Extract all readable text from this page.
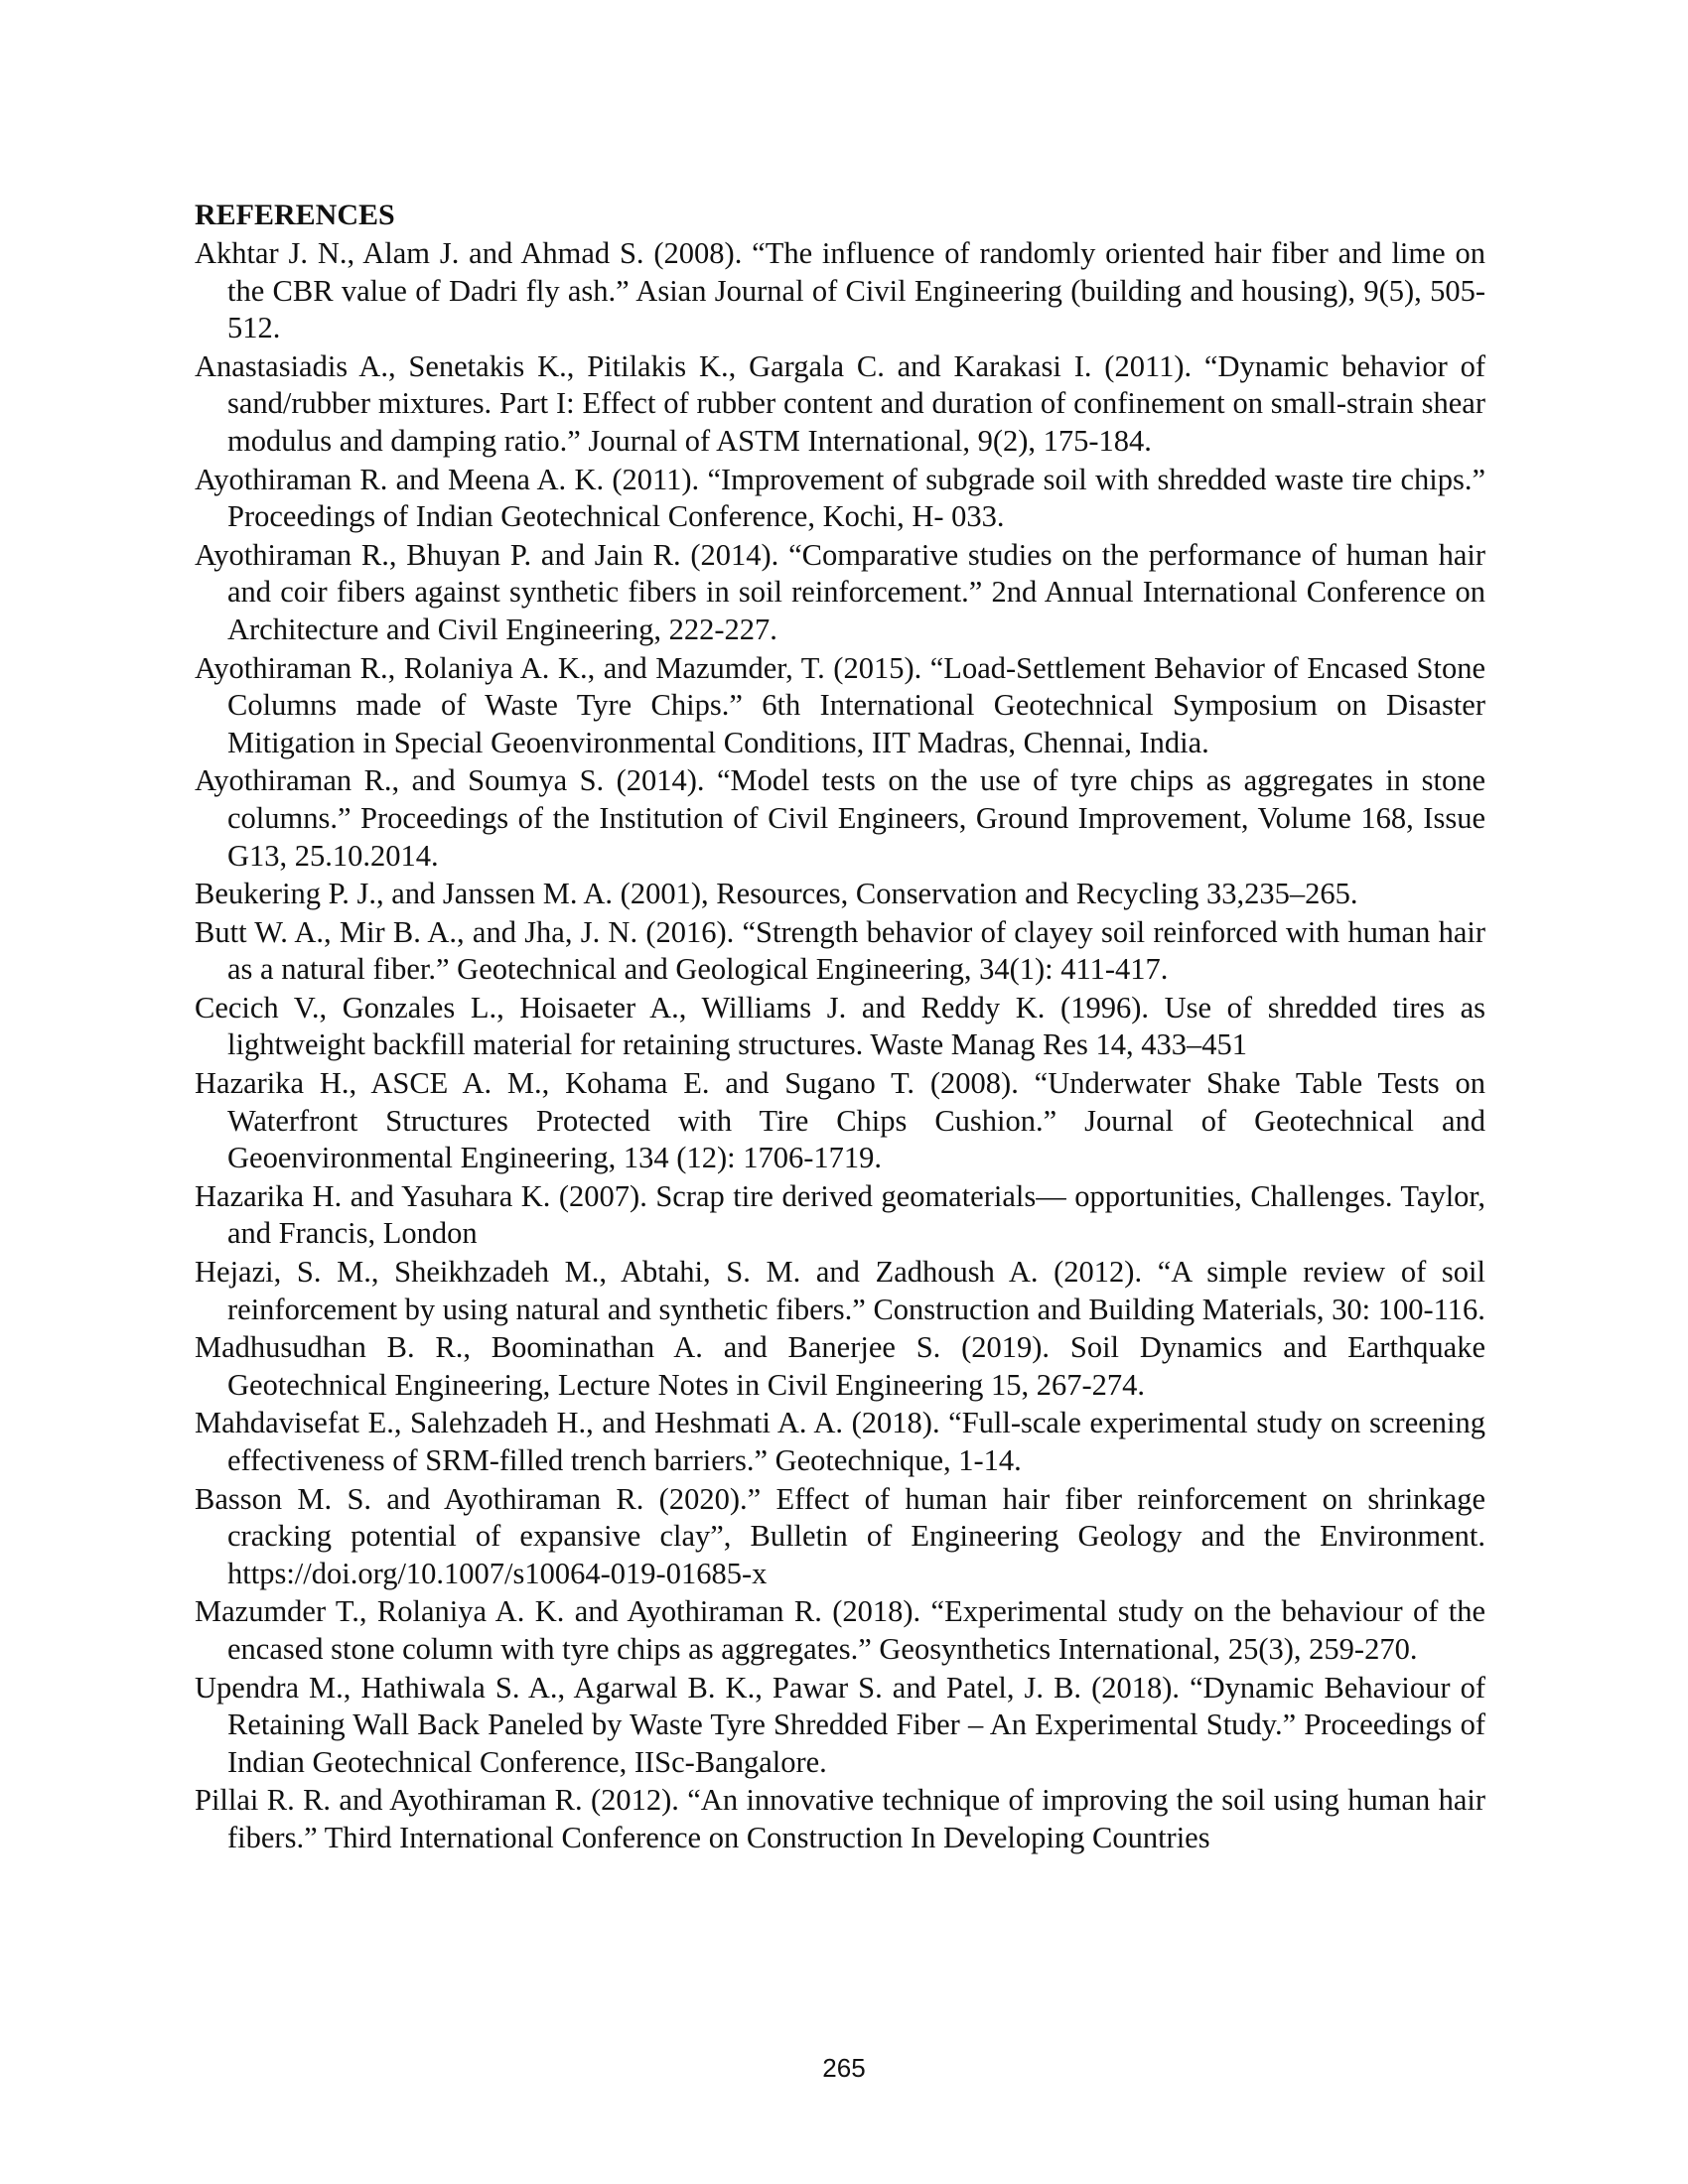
REFERENCES
Akhtar J. N., Alam J. and Ahmad S. (2008). “The influence of randomly oriented hair fiber and lime on the CBR value of Dadri fly ash.” Asian Journal of Civil Engineering (building and housing), 9(5), 505-512.
Anastasiadis A., Senetakis K., Pitilakis K., Gargala C. and Karakasi I. (2011). “Dynamic behavior of sand/rubber mixtures. Part I: Effect of rubber content and duration of confinement on small-strain shear modulus and damping ratio.” Journal of ASTM International, 9(2), 175-184.
Ayothiraman R. and Meena A. K. (2011). “Improvement of subgrade soil with shredded waste tire chips.” Proceedings of Indian Geotechnical Conference, Kochi, H- 033.
Ayothiraman R., Bhuyan P. and Jain R. (2014). “Comparative studies on the performance of human hair and coir fibers against synthetic fibers in soil reinforcement.” 2nd Annual International Conference on Architecture and Civil Engineering, 222-227.
Ayothiraman R., Rolaniya A. K., and Mazumder, T. (2015). “Load-Settlement Behavior of Encased Stone Columns made of Waste Tyre Chips.” 6th International Geotechnical Symposium on Disaster Mitigation in Special Geoenvironmental Conditions, IIT Madras, Chennai, India.
Ayothiraman R., and Soumya S. (2014). “Model tests on the use of tyre chips as aggregates in stone columns.” Proceedings of the Institution of Civil Engineers, Ground Improvement, Volume 168, Issue G13, 25.10.2014.
Beukering P. J., and Janssen M. A. (2001), Resources, Conservation and Recycling 33,235–265.
Butt W. A., Mir B. A., and Jha, J. N. (2016). “Strength behavior of clayey soil reinforced with human hair as a natural fiber.” Geotechnical and Geological Engineering, 34(1): 411-417.
Cecich V., Gonzales L., Hoisaeter A., Williams J. and Reddy K. (1996). Use of shredded tires as lightweight backfill material for retaining structures. Waste Manag Res 14, 433–451
Hazarika H., ASCE A. M., Kohama E. and Sugano T. (2008). “Underwater Shake Table Tests on Waterfront Structures Protected with Tire Chips Cushion.” Journal of Geotechnical and Geoenvironmental Engineering, 134 (12): 1706-1719.
Hazarika H. and Yasuhara K. (2007). Scrap tire derived geomaterials— opportunities, Challenges. Taylor, and Francis, London
Hejazi, S. M., Sheikhzadeh M., Abtahi, S. M. and Zadhoush A. (2012). “A simple review of soil reinforcement by using natural and synthetic fibers.” Construction and Building Materials, 30: 100-116.
Madhusudhan B. R., Boominathan A. and Banerjee S. (2019). Soil Dynamics and Earthquake Geotechnical Engineering, Lecture Notes in Civil Engineering 15, 267-274.
Mahdavisefat E., Salehzadeh H., and Heshmati A. A. (2018). “Full-scale experimental study on screening effectiveness of SRM-filled trench barriers.” Geotechnique, 1-14.
Basson M. S. and Ayothiraman R. (2020).” Effect of human hair fiber reinforcement on shrinkage cracking potential of expansive clay”, Bulletin of Engineering Geology and the Environment. https://doi.org/10.1007/s10064-019-01685-x
Mazumder T., Rolaniya A. K. and Ayothiraman R. (2018). “Experimental study on the behaviour of the encased stone column with tyre chips as aggregates.” Geosynthetics International, 25(3), 259-270.
Upendra M., Hathiwala S. A., Agarwal B. K., Pawar S. and Patel, J. B. (2018). “Dynamic Behaviour of Retaining Wall Back Paneled by Waste Tyre Shredded Fiber – An Experimental Study.” Proceedings of Indian Geotechnical Conference, IISc-Bangalore.
Pillai R. R. and Ayothiraman R. (2012). “An innovative technique of improving the soil using human hair fibers.” Third International Conference on Construction In Developing Countries
265
